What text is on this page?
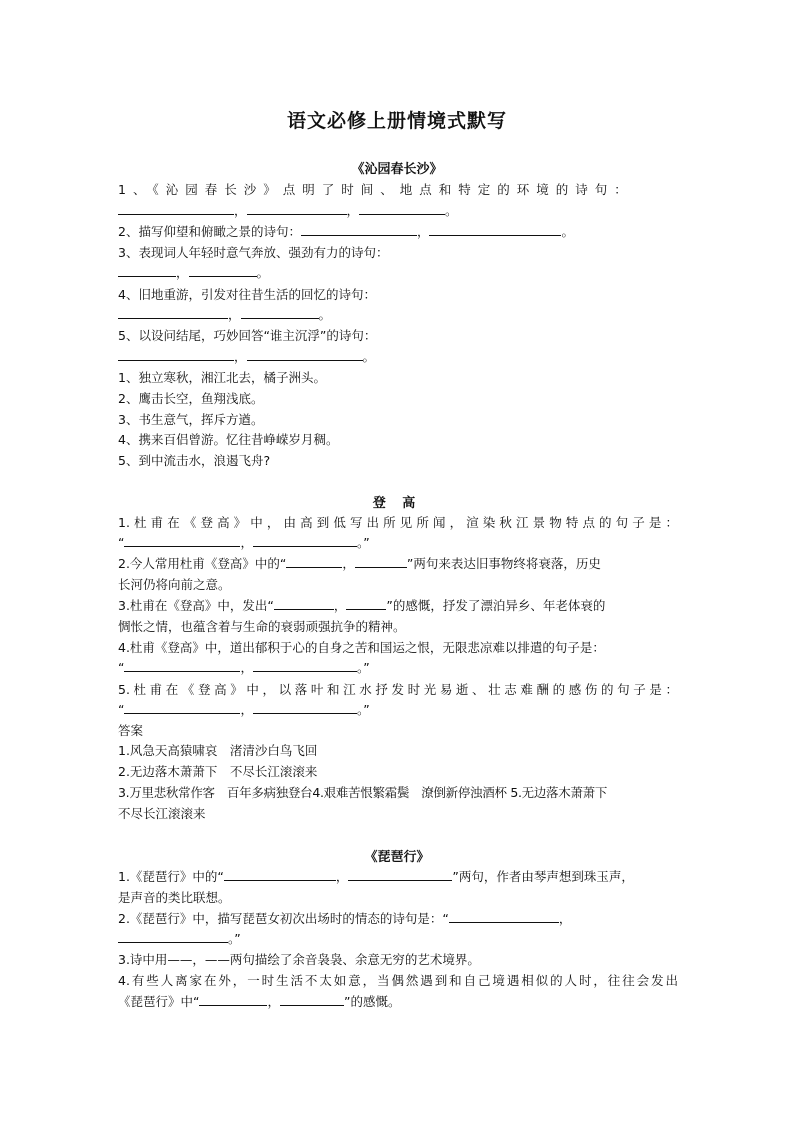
语文必修上册情境式默写
《沁园春长沙》
1、《沁园春长沙》点明了时间、地点和特定的环境的诗句：
，	，	。
2、描写仰望和俯瞰之景的诗句：	，	。
3、表现词人年轻时意气奔放、强劲有力的诗句：
，	。
4、旧地重游，引发对往昔生活的回忆的诗句：
，	。
5、以设问结尾，巧妙回答“谁主沉浮”的诗句：
，	。
1、独立寒秋，湘江北去，橘子洲头。
2、鹰击长空，鱼翔浅底。
3、书生意气，挥斥方遒。
4、携来百侣曾游。忆往昔峥嵘岁月稠。
5、到中流击水，浪遏飞舟?
登 高
1.杜甫在《登高》中，由高到低写出所见所闻，渲染秋江景物特点的句子是：
“	，	。”
2.今人常用杜甫《登高》中的“	，	”两句来表达旧事物终将衰落，历史
长河仍将向前之意。
3.杜甫在《登高》中，发出“	，	”的感慨，抒发了漂泊异乡、年老体衰的
惆怅之情，也蕴含着与生命的衰弱顽强抗争的精神。
4.杜甫《登高》中，道出郁积于心的自身之苦和国运之恨，无限悲凉难以排遣的句子是：
“	，	。”
5.杜甫在《登高》中，以落叶和江水抒发时光易逝、壮志难酬的感伤的句子是：
“	，	。”
答案
1.风急天高猿啸哀　渚清沙白鸟飞回
2.无边落木萧萧下　不尽长江滚滚来
3.万里悲秋常作客　百年多病独登台4.艰难苦恨繁霜鬓　潦倒新停浊酒杯 5.无边落木萧萧下
不尽长江滚滚来
《琵琶行》
1.《琵琶行》中的“	，	”两句，作者由琴声想到珠玉声，
是声音的类比联想。
2.《琵琶行》中，描写琵琶女初次出场时的情态的诗句是：“	，
。”
3.诗中用——，——两句描绘了余音袅袅、余意无穷的艺术境界。
4.有些人离家在外，一时生活不太如意，当偶然遇到和自己境遇相似的人时，往往会发出
《琵琶行》中“	，	”的感慨。
